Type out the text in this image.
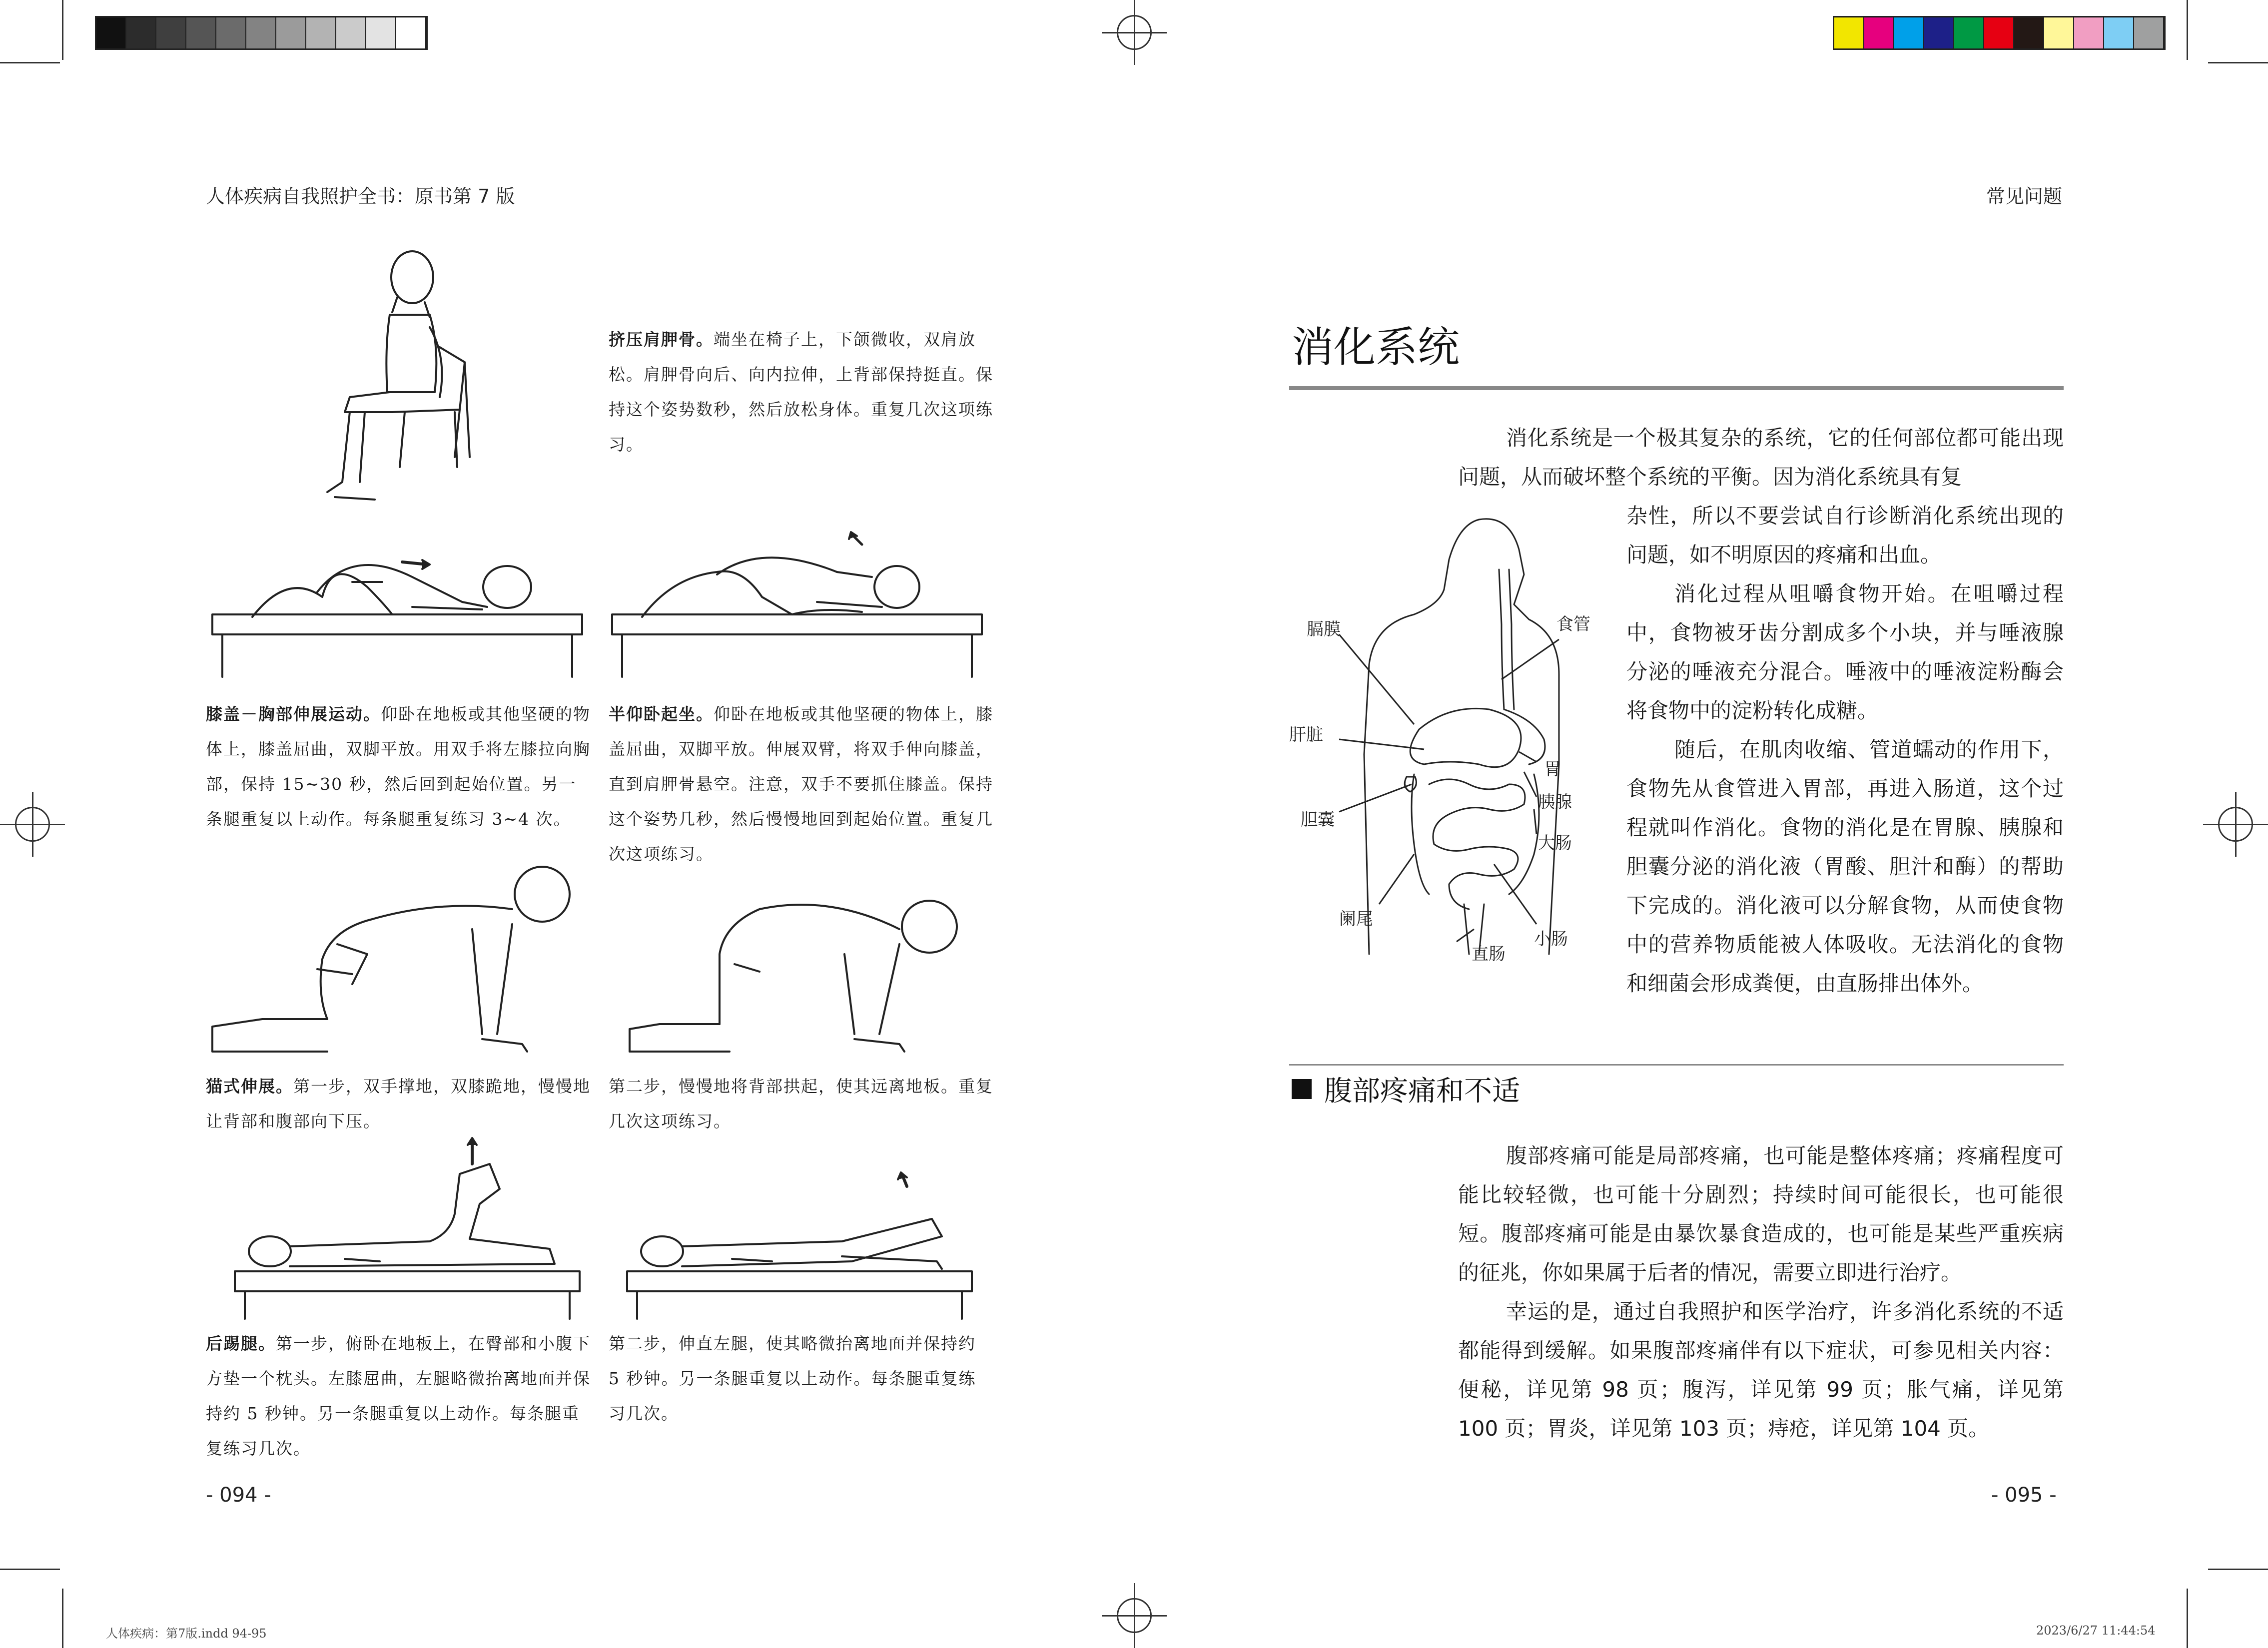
人体疾病自我照护全书：原书第 7 版
挤压肩胛骨。端坐在椅子上，下颌微收，双肩放松。肩胛骨向后、向内拉伸，上背部保持挺直。保持这个姿势数秒，然后放松身体。重复几次这项练习。
膝盖－胸部伸展运动。仰卧在地板或其他坚硬的物体上，膝盖屈曲，双脚平放。用双手将左膝拉向胸部，保持 15~30 秒，然后回到起始位置。另一条腿重复以上动作。每条腿重复练习 3~4 次。
半仰卧起坐。仰卧在地板或其他坚硬的物体上，膝盖屈曲，双脚平放。伸展双臂，将双手伸向膝盖，直到肩胛骨悬空。注意，双手不要抓住膝盖。保持这个姿势几秒，然后慢慢地回到起始位置。重复几次这项练习。
猫式伸展。第一步，双手撑地，双膝跪地，慢慢地让背部和腹部向下压。
第二步，慢慢地将背部拱起，使其远离地板。重复几次这项练习。
后踢腿。第一步，俯卧在地板上，在臀部和小腹下方垫一个枕头。左膝屈曲，左腿略微抬离地面并保持约 5 秒钟。另一条腿重复以上动作。每条腿重复练习几次。
第二步，伸直左腿，使其略微抬离地面并保持约 5 秒钟。另一条腿重复以上动作。每条腿重复练习几次。
- 094 -
常见问题
消化系统
消化系统是一个极其复杂的系统，它的任何部位都可能出现问题，从而破坏整个系统的平衡。因为消化系统具有复
杂性，所以不要尝试自行诊断消化系统出现的问题，如不明原因的疼痛和出血。
消化过程从咀嚼食物开始。在咀嚼过程中，食物被牙齿分割成多个小块，并与唾液腺分泌的唾液充分混合。唾液中的唾液淀粉酶会将食物中的淀粉转化成糖。
随后，在肌肉收缩、管道蠕动的作用下，食物先从食管进入胃部，再进入肠道，这个过程就叫作消化。食物的消化是在胃腺、胰腺和胆囊分泌的消化液（胃酸、胆汁和酶）的帮助下完成的。消化液可以分解食物，从而使食物中的营养物质能被人体吸收。无法消化的食物和细菌会形成粪便，由直肠排出体外。
膈膜	食管
肝脏
胃
胆囊
胰腺
大肠
阑尾
小肠
直肠
腹部疼痛和不适
腹部疼痛可能是局部疼痛，也可能是整体疼痛；疼痛程度可能比较轻微，也可能十分剧烈；持续时间可能很长，也可能很短。腹部疼痛可能是由暴饮暴食造成的，也可能是某些严重疾病的征兆，你如果属于后者的情况，需要立即进行治疗。
幸运的是，通过自我照护和医学治疗，许多消化系统的不适都能得到缓解。如果腹部疼痛伴有以下症状，可参见相关内容：便秘，详见第 98 页；腹泻，详见第 99 页；胀气痛，详见第 100 页；胃炎，详见第 103 页；痔疮，详见第 104 页。
- 095 -
人体疾病：第7版.indd 94-95	2023/6/27 11:44:54
